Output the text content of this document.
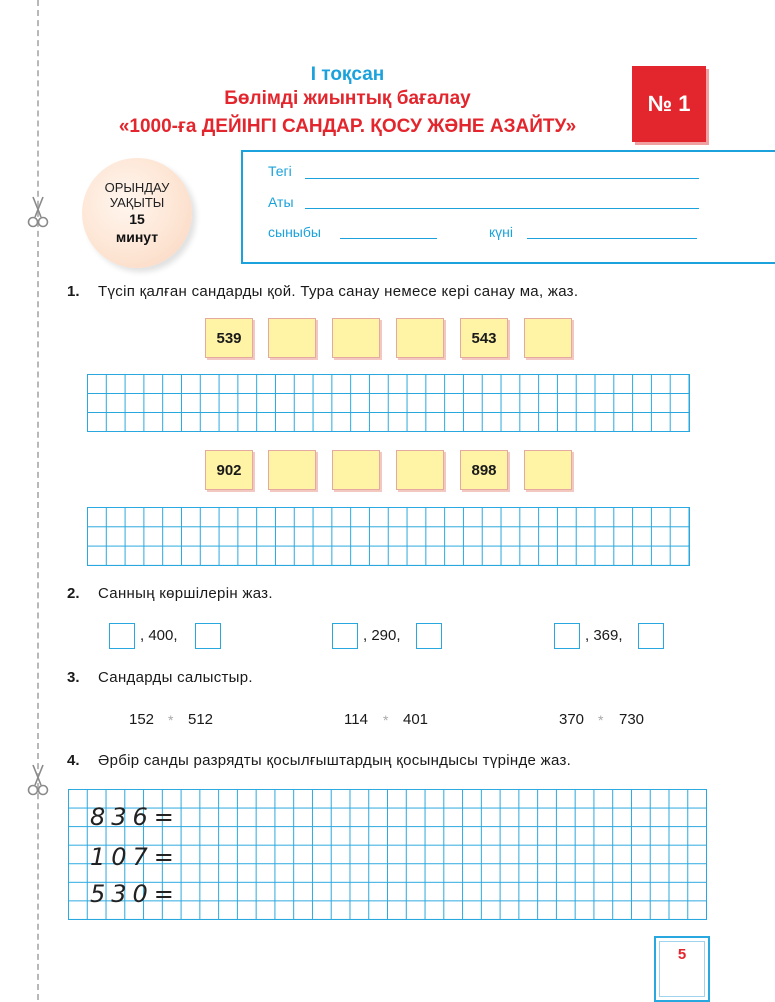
І тоқсан
Бөлімді жиынтық бағалау
«1000-ға ДЕЙІНГІ САНДАР. ҚОСУ ЖӘНЕ АЗАЙТУ»
№ 1
ОРЫНДАУ
УАҚЫТЫ
15
минут
Тегі
Аты
сыныбы	күні
1. Түсіп қалған сандарды қой. Тура санау немесе кері санау ма, жаз.
539	543
902	898
2. Санның көршілерін жаз.
, 400,	, 290,	, 369,
3. Сандарды салыстыр.
152 * 512	114 * 401	370 * 730
4. Әрбір санды разрядты қосылғыштардың қосындысы түрінде жаз.
836=
107=
530=
5
